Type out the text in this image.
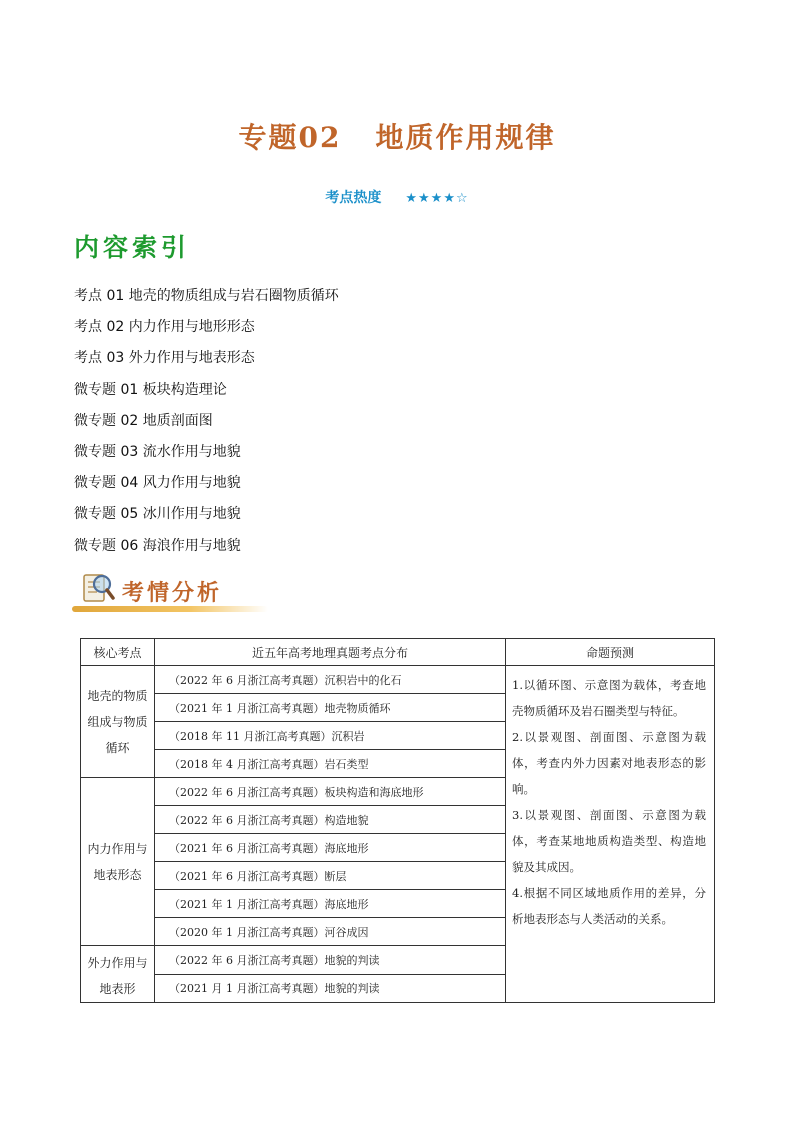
专题02 地质作用规律
考点热度 ★★★★☆
内容索引
考点 01 地壳的物质组成与岩石圈物质循环
考点 02 内力作用与地形形态
考点 03 外力作用与地表形态
微专题 01 板块构造理论
微专题 02 地质剖面图
微专题 03 流水作用与地貌
微专题 04 风力作用与地貌
微专题 05 冰川作用与地貌
微专题 06 海浪作用与地貌
考情分析
核心考点	近五年高考地理真题考点分布	命题预测
地壳的物质组成与物质循环	（2022 年 6 月浙江高考真题）沉积岩中的化石	1.以循环图、示意图为载体，考查地壳物质循环及岩石圈类型与特征。

2.以景观图、剖面图、示意图为载体，考查内外力因素对地表形态的影响。

3.以景观图、剖面图、示意图为载体，考查某地地质构造类型、构造地貌及其成因。

4.根据不同区域地质作用的差异，分析地表形态与人类活动的关系。

	（2021 年 1 月浙江高考真题）地壳物质循环	
	（2018 年 11 月浙江高考真题）沉积岩	
	（2018 年 4 月浙江高考真题）岩石类型	
内力作用与地表形态	（2022 年 6 月浙江高考真题）板块构造和海底地形	
	（2022 年 6 月浙江高考真题）构造地貌	
	（2021 年 6 月浙江高考真题）海底地形	
	（2021 年 6 月浙江高考真题）断层	
	（2021 年 1 月浙江高考真题）海底地形	
	（2020 年 1 月浙江高考真题）河谷成因	
外力作用与地表形	（2022 年 6 月浙江高考真题）地貌的判读	
	（2021 月 1 月浙江高考真题）地貌的判读	
